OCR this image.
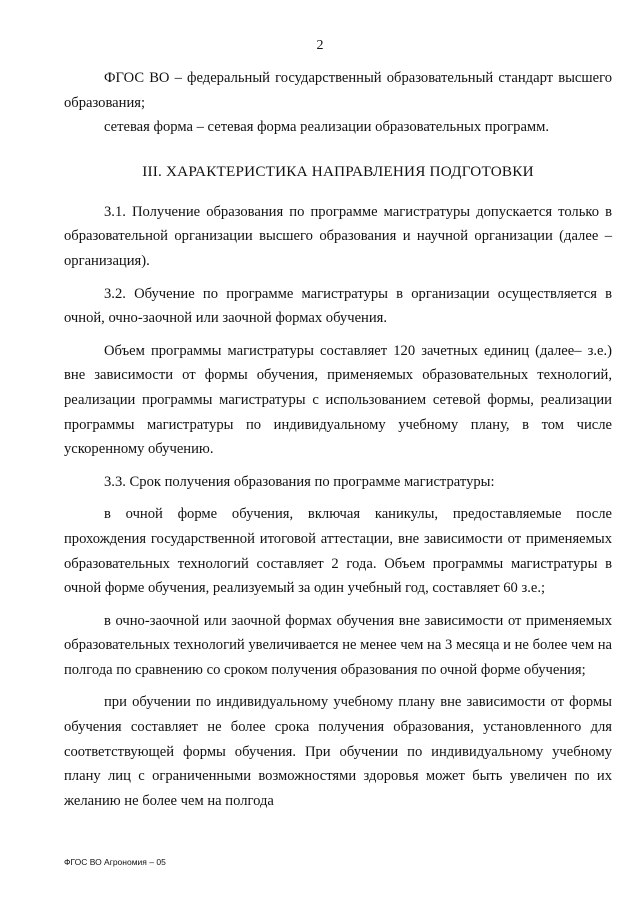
2

ФГОС ВО – федеральный государственный образовательный стандарт высшего образования;

сетевая форма – сетевая форма реализации образовательных программ.

III. ХАРАКТЕРИСТИКА НАПРАВЛЕНИЯ ПОДГОТОВКИ

3.1. Получение образования по программе магистратуры допускается только в образовательной организации высшего образования и научной организации (далее – организация).

3.2. Обучение по программе магистратуры в организации осуществляется в очной, очно-заочной или заочной формах обучения.

Объем программы магистратуры составляет 120 зачетных единиц (далее– з.е.) вне зависимости от формы обучения, применяемых образовательных технологий, реализации программы магистратуры с использованием сетевой формы, реализации программы магистратуры по индивидуальному учебному плану, в том числе ускоренному обучению.

3.3. Срок получения образования по программе магистратуры:

в очной форме обучения, включая каникулы, предоставляемые после прохождения государственной итоговой аттестации, вне зависимости от применяемых образовательных технологий составляет 2 года. Объем программы магистратуры в очной форме обучения, реализуемый за один учебный год, составляет 60 з.е.;

в очно-заочной или заочной формах обучения вне зависимости от применяемых образовательных технологий увеличивается не менее чем на 3 месяца и не более чем на полгода по сравнению со сроком получения образования по очной форме обучения;

при обучении по индивидуальному учебному плану вне зависимости от формы обучения составляет не более срока получения образования, установленного для соответствующей формы обучения. При обучении по индивидуальному учебному плану лиц с ограниченными возможностями здоровья может быть увеличен по их желанию не более чем на полгода

ФГОС ВО Агрономия – 05
